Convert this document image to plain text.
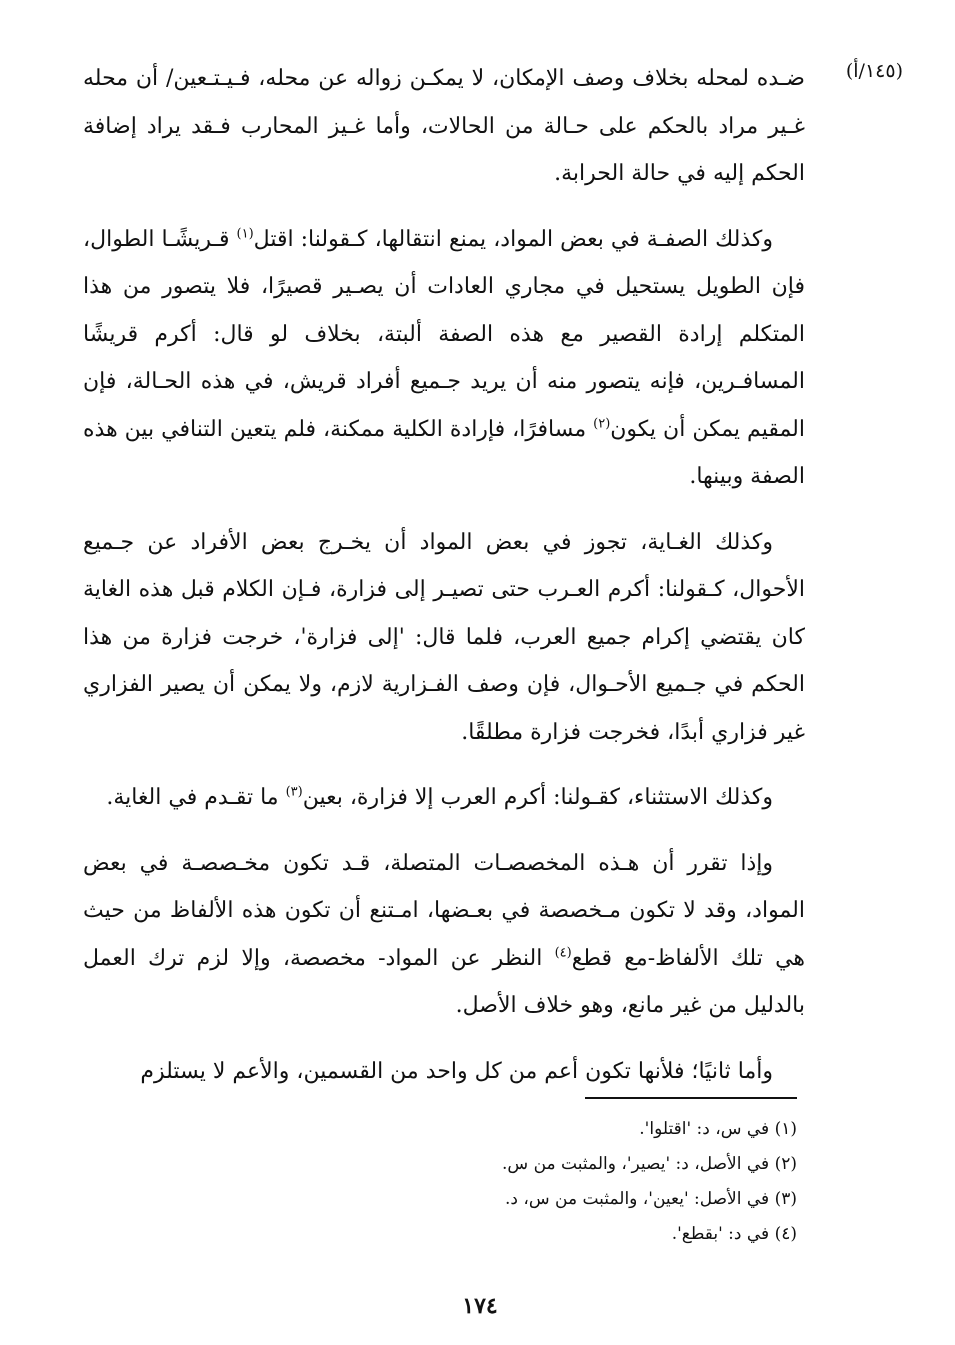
(١٤٥/أ)

ضـده لمحله بخلاف وصف الإمكان، لا يمكـن زواله عن محله، فـيـتـعين/ أن محله غـير مراد بالحكم على حـالة من الحالات، وأما غـيز المحارب فـقد يراد إضافة الحكم إليه في حالة الحرابة.

وكذلك الصفـة في بعض المواد، يمنع انتقالها، كـقولنا: اقتل$^{(١)}$ قـريشًـا الطوال، فإن الطويل يستحيل في مجاري العادات أن يصـير قصيرًا، فلا يتصور من هذا المتكلم إرادة القصير مع هذه الصفة ألبتة، بخلاف لو قال: أكرم قريشًا المسافـرين، فإنه يتصور منه أن يريد جـميع أفراد قريش، في هذه الحـالة، فإن المقيم يمكن أن يكون$^{(٢)}$ مسافرًا، فإرادة الكلية ممكنة، فلم يتعين التنافي بين هذه الصفة وبينها.

وكذلك الغـاية، تجوز في بعض المواد أن يخـرج بعض الأفراد عن جـميع الأحوال، كـقولنا: أكرم العـرب حتى تصيـر إلى فزارة، فـإن الكلام قبل هذه الغاية كان يقتضي إكرام جميع العرب، فلما قال: 'إلى فزارة'، خرجت فزارة من هذا الحكم في جـميع الأحـوال، فإن وصف الفـزارية لازم، ولا يمكن أن يصير الفزاري غير فزاري أبدًا، فخرجت فزارة مطلقًا.

وكذلك الاستثناء، كقـولنا: أكرم العرب إلا فزارة، بعين$^{(٣)}$ ما تقـدم في الغاية.

وإذا تقرر أن هـذه المخصصـات المتصلة، قـد تكون مخـصصـة في بعض المواد، وقد لا تكون مـخصصة في بعـضها، امـتنع أن تكون هذه الألفاظ من حيث هي تلك الألفاظ-مع قطع$^{(٤)}$ النظر عن المواد- مخصصة، وإلا لزم ترك العمل بالدليل من غير مانع، وهو خلاف الأصل.

وأما ثانيًا؛ فلأنها تكون أعم من كل واحد من القسمين، والأعم لا يستلزم

(١) في س، د: 'اقتلوا'.

(٢) في الأصل، د: 'يصير'، والمثبت من س.

(٣) في الأصل: 'يعين'، والمثبت من س، د.

(٤) في د: 'بقطع'.

١٧٤
